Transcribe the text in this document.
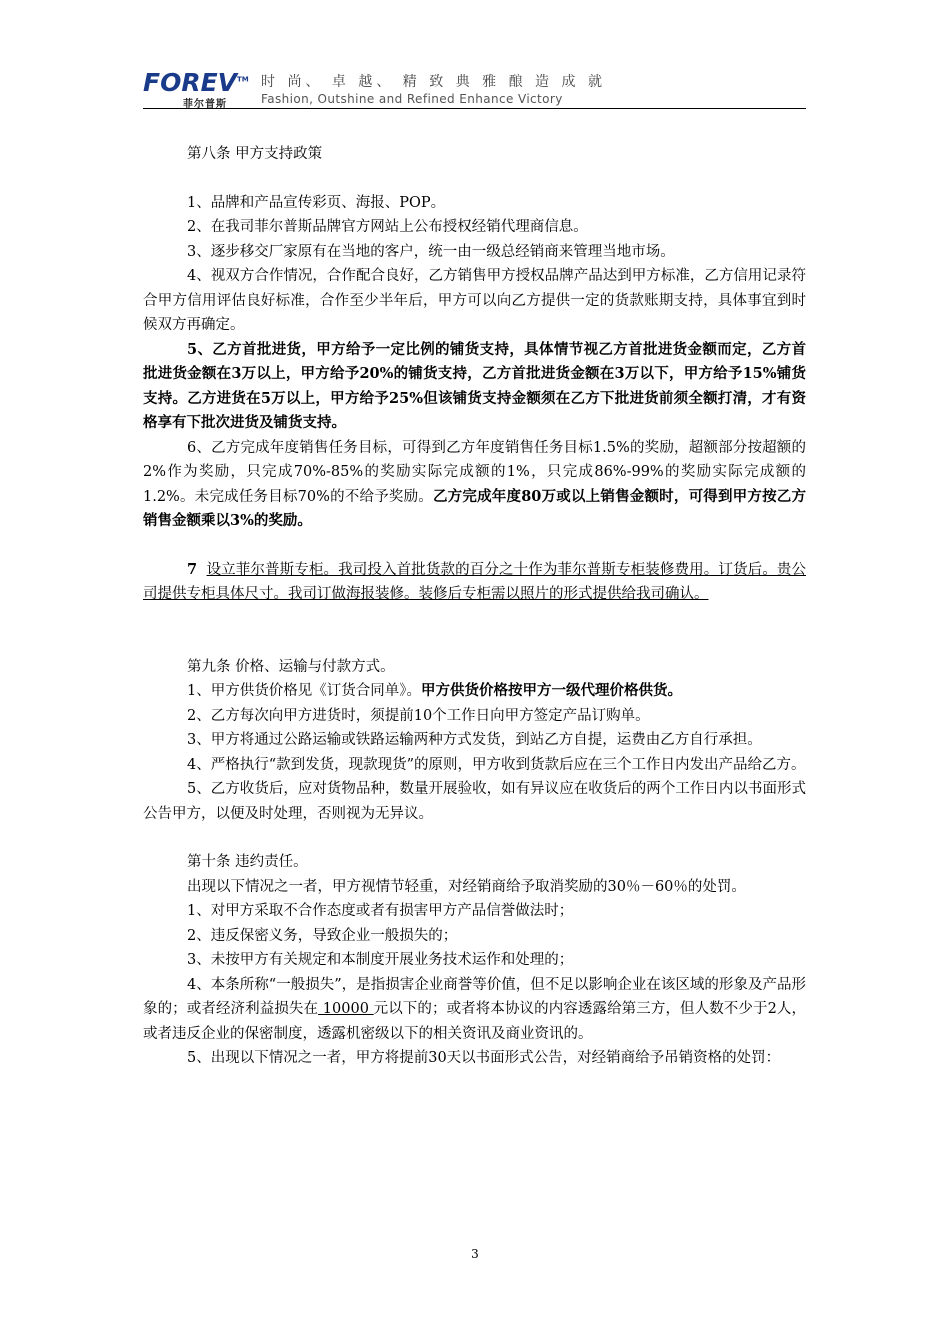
FOREV™
菲尔普斯
时 尚、 卓 越、 精 致 典 雅 酿 造 成 就
Fashion, Outshine and Refined Enhance Victory

第八条 甲方支持政策

1、品牌和产品宣传彩页、海报、POP。

2、在我司菲尔普斯品牌官方网站上公布授权经销代理商信息。

3、逐步移交厂家原有在当地的客户，统一由一级总经销商来管理当地市场。

4、视双方合作情况，合作配合良好，乙方销售甲方授权品牌产品达到甲方标准，乙方信用记录符合甲方信用评估良好标准，合作至少半年后，甲方可以向乙方提供一定的货款账期支持，具体事宜到时候双方再确定。

5、乙方首批进货，甲方给予一定比例的铺货支持，具体情节视乙方首批进货金额而定，乙方首批进货金额在3万以上，甲方给予20%的铺货支持，乙方首批进货金额在3万以下，甲方给予15%铺货支持。乙方进货在5万以上，甲方给予25%但该铺货支持金额须在乙方下批进货前须全额打清，才有资格享有下批次进货及铺货支持。

6、乙方完成年度销售任务目标，可得到乙方年度销售任务目标1.5%的奖励，超额部分按超额的2%作为奖励，只完成70%-85%的奖励实际完成额的1%，只完成86%-99%的奖励实际完成额的1.2%。未完成任务目标70%的不给予奖励。乙方完成年度80万或以上销售金额时，可得到甲方按乙方销售金额乘以3%的奖励。

7 设立菲尔普斯专柜。我司投入首批货款的百分之十作为菲尔普斯专柜装修费用。订货后。贵公司提供专柜具体尺寸。我司订做海报装修。装修后专柜需以照片的形式提供给我司确认。

第九条 价格、运输与付款方式。

1、甲方供货价格见《订货合同单》。甲方供货价格按甲方一级代理价格供货。

2、乙方每次向甲方进货时，须提前10个工作日向甲方签定产品订购单。

3、甲方将通过公路运输或铁路运输两种方式发货，到站乙方自提，运费由乙方自行承担。

4、严格执行“款到发货，现款现货”的原则，甲方收到货款后应在三个工作日内发出产品给乙方。

5、乙方收货后，应对货物品种，数量开展验收，如有异议应在收货后的两个工作日内以书面形式公告甲方，以便及时处理，否则视为无异议。

第十条 违约责任。

出现以下情况之一者，甲方视情节轻重，对经销商给予取消奖励的30％－60％的处罚。

1、对甲方采取不合作态度或者有损害甲方产品信誉做法时；

2、违反保密义务，导致企业一般损失的；

3、未按甲方有关规定和本制度开展业务技术运作和处理的；

4、本条所称“一般损失”，是指损害企业商誉等价值，但不足以影响企业在该区域的形象及产品形象的；或者经济利益损失在 10000 元以下的；或者将本协议的内容透露给第三方，但人数不少于2人，或者违反企业的保密制度，透露机密级以下的相关资讯及商业资讯的。

5、出现以下情况之一者，甲方将提前30天以书面形式公告，对经销商给予吊销资格的处罚：

3
